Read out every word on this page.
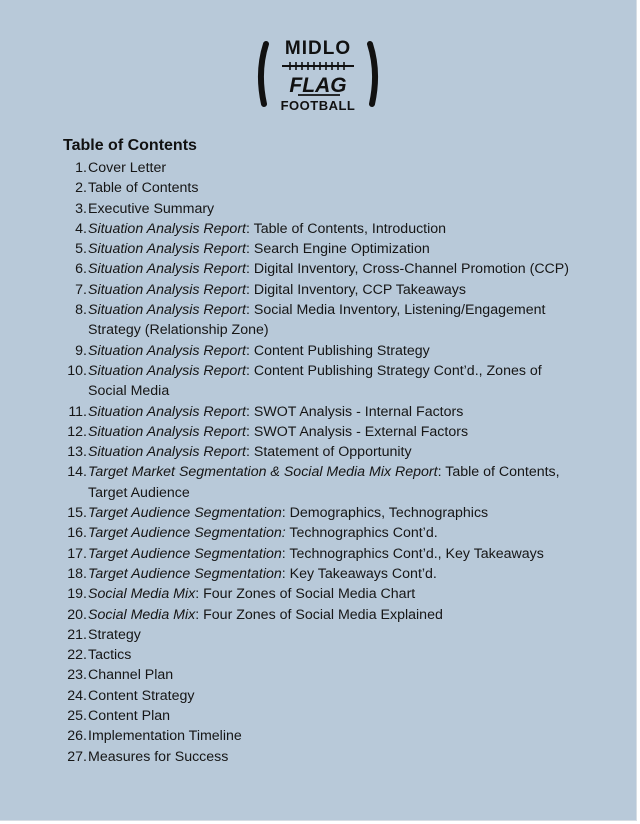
MIDLO
FLAG
FOOTBALL
Table of Contents
1. Cover Letter
2. Table of Contents
3. Executive Summary
4. Situation Analysis Report: Table of Contents, Introduction
5. Situation Analysis Report: Search Engine Optimization
6. Situation Analysis Report: Digital Inventory, Cross-Channel Promotion (CCP)
7. Situation Analysis Report: Digital Inventory, CCP Takeaways
8. Situation Analysis Report: Social Media Inventory, Listening/Engagement Strategy (Relationship Zone)
9. Situation Analysis Report: Content Publishing Strategy
10. Situation Analysis Report: Content Publishing Strategy Cont’d., Zones of Social Media
11. Situation Analysis Report: SWOT Analysis - Internal Factors
12. Situation Analysis Report: SWOT Analysis - External Factors
13. Situation Analysis Report: Statement of Opportunity
14. Target Market Segmentation & Social Media Mix Report: Table of Contents, Target Audience
15. Target Audience Segmentation: Demographics, Technographics
16. Target Audience Segmentation: Technographics Cont’d.
17. Target Audience Segmentation: Technographics Cont’d., Key Takeaways
18. Target Audience Segmentation: Key Takeaways Cont’d.
19. Social Media Mix: Four Zones of Social Media Chart
20. Social Media Mix: Four Zones of Social Media Explained
21. Strategy
22. Tactics
23. Channel Plan
24. Content Strategy
25. Content Plan
26. Implementation Timeline
27. Measures for Success
